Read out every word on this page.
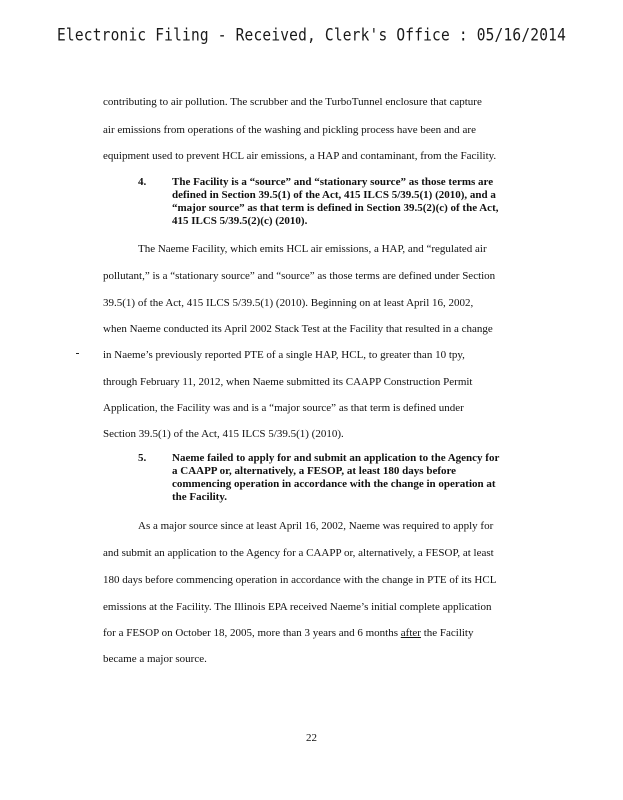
Electronic Filing - Received, Clerk's Office : 05/16/2014
contributing to air pollution. The scrubber and the TurboTunnel enclosure that capture
air emissions from operations of the washing and pickling process have been and are
equipment used to prevent HCL air emissions, a HAP and contaminant, from the Facility.
4. The Facility is a “source” and “stationary source” as those terms are
defined in Section 39.5(1) of the Act, 415 ILCS 5/39.5(1) (2010), and a
“major source” as that term is defined in Section 39.5(2)(c) of the Act,
415 ILCS 5/39.5(2)(c) (2010).
The Naeme Facility, which emits HCL air emissions, a HAP, and “regulated air
pollutant,” is a “stationary source” and “source” as those terms are defined under Section
39.5(1) of the Act, 415 ILCS 5/39.5(1) (2010). Beginning on at least April 16, 2002,
when Naeme conducted its April 2002 Stack Test at the Facility that resulted in a change
in Naeme’s previously reported PTE of a single HAP, HCL, to greater than 10 tpy,
through February 11, 2012, when Naeme submitted its CAAPP Construction Permit
Application, the Facility was and is a “major source” as that term is defined under
Section 39.5(1) of the Act, 415 ILCS 5/39.5(1) (2010).
5. Naeme failed to apply for and submit an application to the Agency for
a CAAPP or, alternatively, a FESOP, at least 180 days before
commencing operation in accordance with the change in operation at
the Facility.
As a major source since at least April 16, 2002, Naeme was required to apply for
and submit an application to the Agency for a CAAPP or, alternatively, a FESOP, at least
180 days before commencing operation in accordance with the change in PTE of its HCL
emissions at the Facility. The Illinois EPA received Naeme’s initial complete application
for a FESOP on October 18, 2005, more than 3 years and 6 months after the Facility
became a major source.
22
